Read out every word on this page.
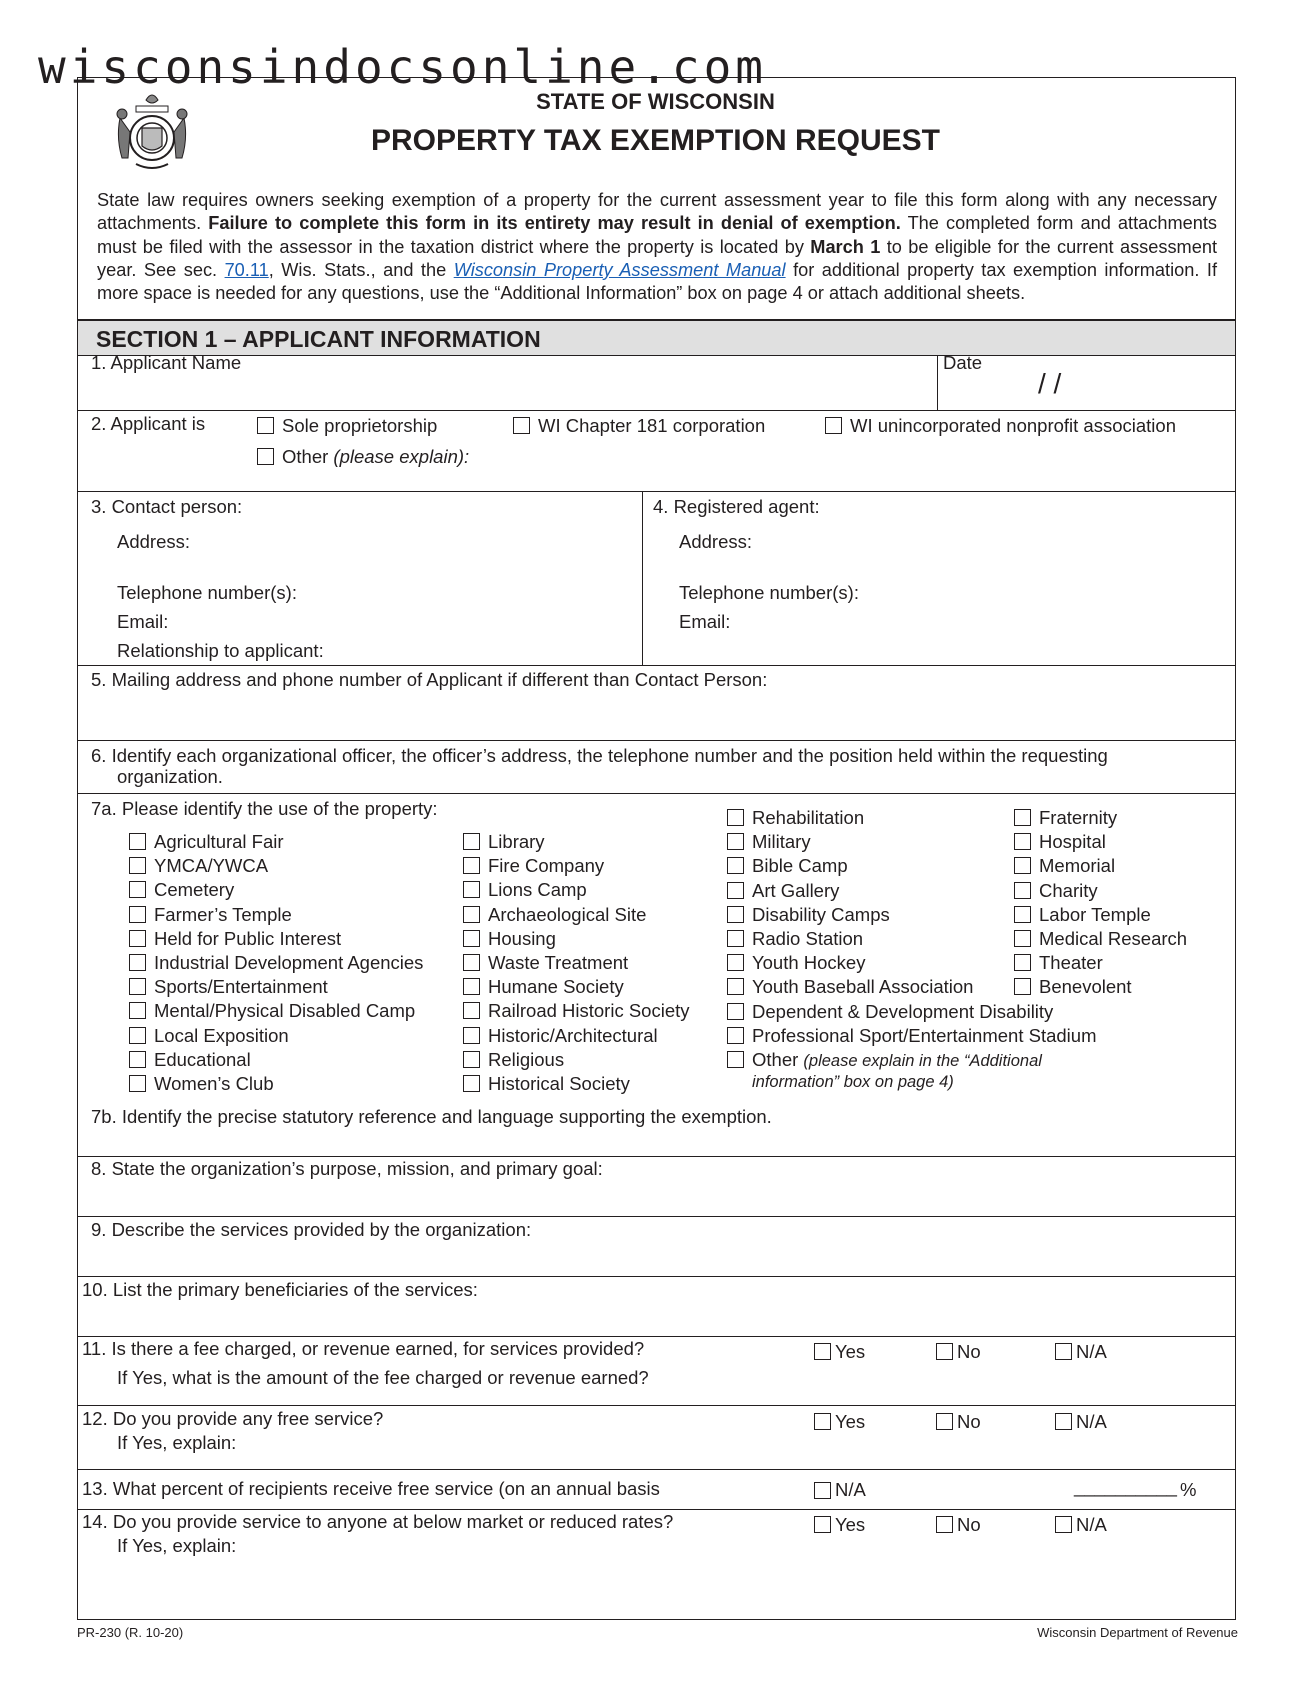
wisconsindocsonline.com
STATE OF WISCONSIN
PROPERTY TAX EXEMPTION REQUEST
State law requires owners seeking exemption of a property for the current assessment year to file this form along with any necessary attachments. Failure to complete this form in its entirety may result in denial of exemption. The completed form and attachments must be filed with the assessor in the taxation district where the property is located by March 1 to be eligible for the current assessment year. See sec. 70.11, Wis. Stats., and the Wisconsin Property Assessment Manual for additional property tax exemption information. If more space is needed for any questions, use the “Additional Information” box on page 4 or attach additional sheets.
SECTION 1 – APPLICANT INFORMATION
1. Applicant Name	Date
/ /
2. Applicant is	Sole proprietorship	WI Chapter 181 corporation	WI unincorporated nonprofit association
Other (please explain):
3. Contact person:
Address:
Telephone number(s):
Email:
Relationship to applicant:
4. Registered agent:
Address:
Telephone number(s):
Email:
5. Mailing address and phone number of Applicant if different than Contact Person:
6. Identify each organizational officer, the officer’s address, the telephone number and the position held within the requesting
organization.
7a. Please identify the use of the property:
Agricultural Fair
YMCA/YWCA
Cemetery
Farmer’s Temple
Held for Public Interest
Industrial Development Agencies
Sports/Entertainment
Mental/Physical Disabled Camp
Local Exposition
Educational
Women’s Club
Library
Fire Company
Lions Camp
Archaeological Site
Housing
Waste Treatment
Humane Society
Railroad Historic Society
Historic/Architectural
Religious
Historical Society
Rehabilitation
Military
Bible Camp
Art Gallery
Disability Camps
Radio Station
Youth Hockey
Youth Baseball Association
Dependent & Development Disability
Professional Sport/Entertainment Stadium
Fraternity
Hospital
Memorial
Charity
Labor Temple
Medical Research
Theater
Benevolent
Other (please explain in the “Additional
information” box on page 4)
7b. Identify the precise statutory reference and language supporting the exemption.
8. State the organization’s purpose, mission, and primary goal:
9. Describe the services provided by the organization:
10. List the primary beneficiaries of the services:
11. Is there a fee charged, or revenue earned, for services provided?
If Yes, what is the amount of the fee charged or revenue earned?
Yes	No	N/A
12. Do you provide any free service?
If Yes, explain:
Yes	No	N/A
13. What percent of recipients receive free service (on an annual basis	N/A	__________ %
14. Do you provide service to anyone at below market or reduced rates?
If Yes, explain:
Yes	No	N/A
PR-230 (R. 10-20)	Wisconsin Department of Revenue
